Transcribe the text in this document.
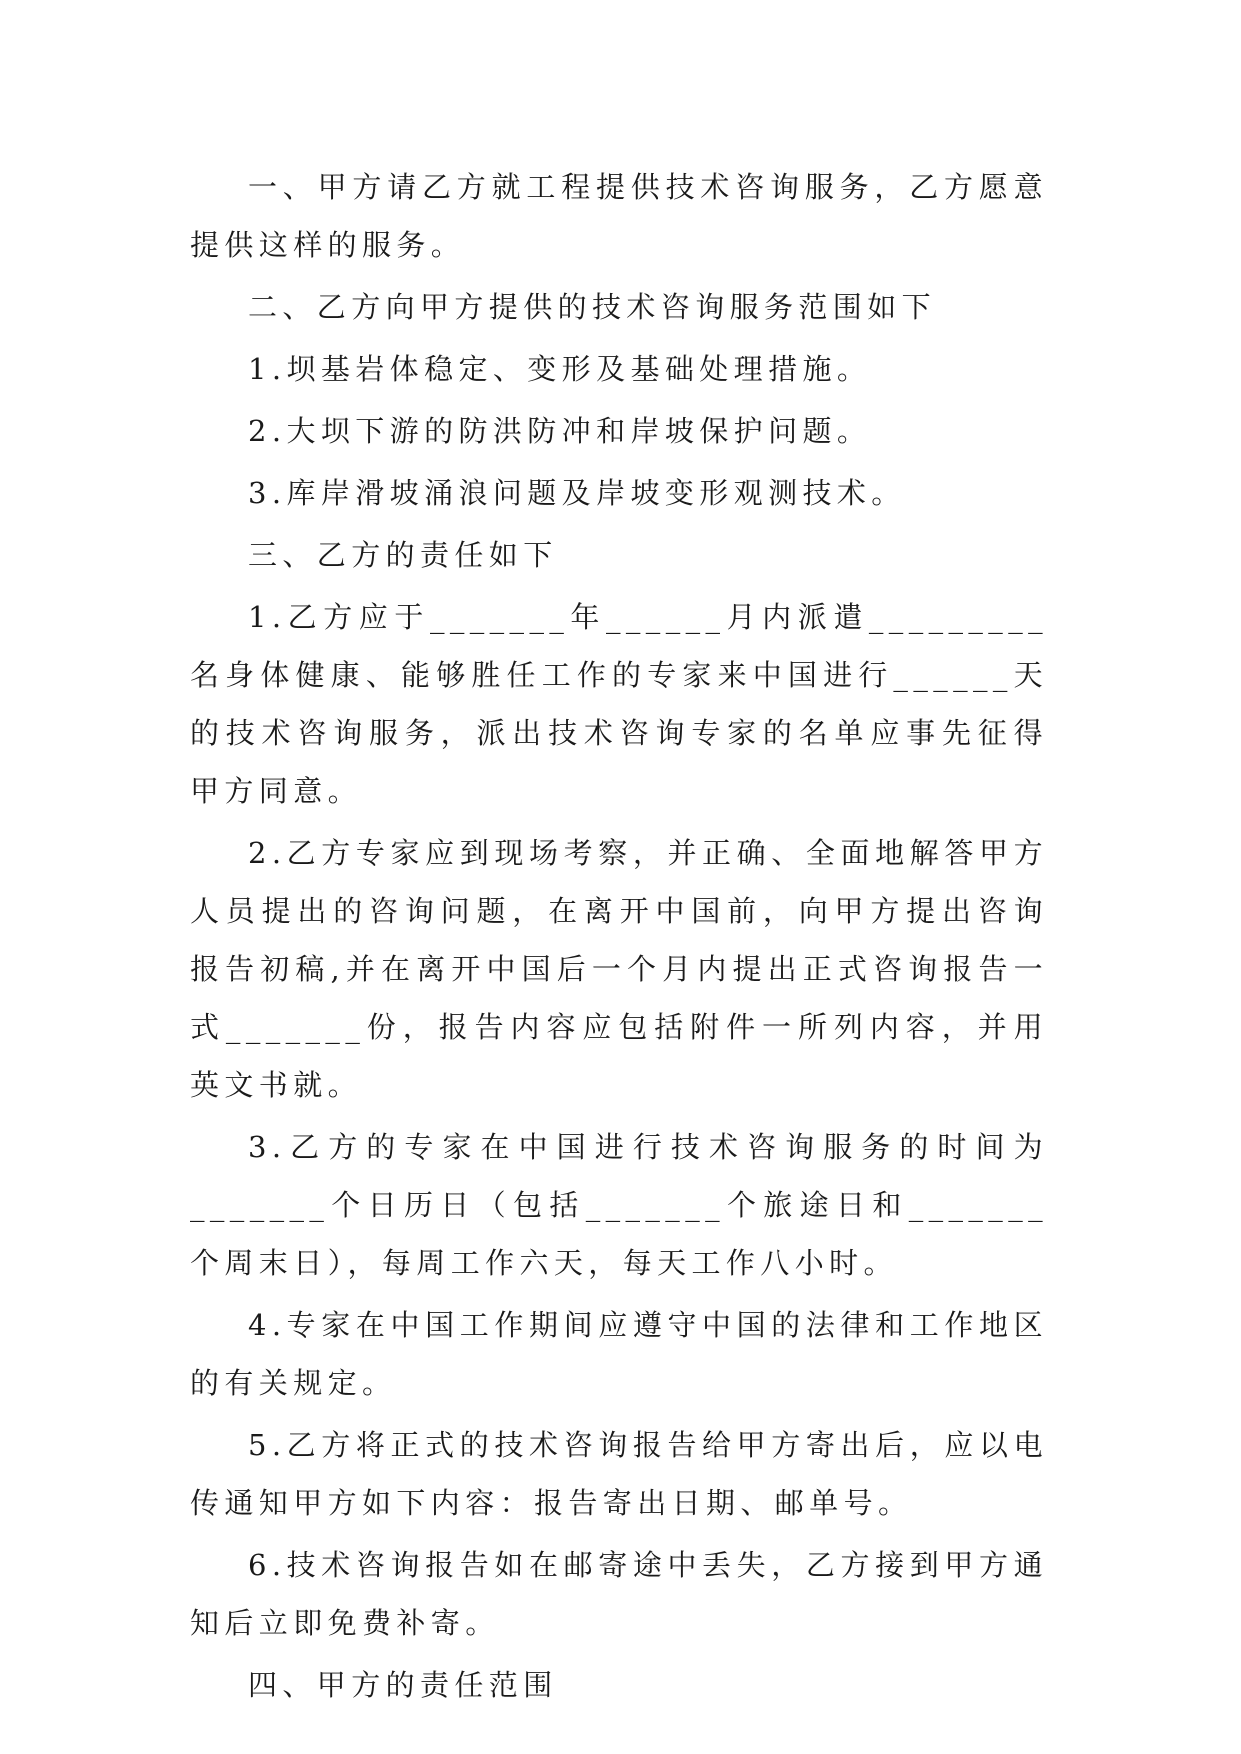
一、甲方请乙方就工程提供技术咨询服务，乙方愿意提供这样的服务。

二、乙方向甲方提供的技术咨询服务范围如下

1.坝基岩体稳定、变形及基础处理措施。

2.大坝下游的防洪防冲和岸坡保护问题。

3.库岸滑坡涌浪问题及岸坡变形观测技术。

三、乙方的责任如下

1.乙方应于_______年______月内派遣_________名身体健康、能够胜任工作的专家来中国进行______天的技术咨询服务，派出技术咨询专家的名单应事先征得甲方同意。

2.乙方专家应到现场考察，并正确、全面地解答甲方人员提出的咨询问题，在离开中国前，向甲方提出咨询报告初稿,并在离开中国后一个月内提出正式咨询报告一式_______份，报告内容应包括附件一所列内容，并用英文书就。

3.乙方的专家在中国进行技术咨询服务的时间为_______个日历日（包括_______个旅途日和_______个周末日），每周工作六天，每天工作八小时。

4.专家在中国工作期间应遵守中国的法律和工作地区的有关规定。

5.乙方将正式的技术咨询报告给甲方寄出后，应以电传通知甲方如下内容：报告寄出日期、邮单号。

6.技术咨询报告如在邮寄途中丢失，乙方接到甲方通知后立即免费补寄。

四、甲方的责任范围
